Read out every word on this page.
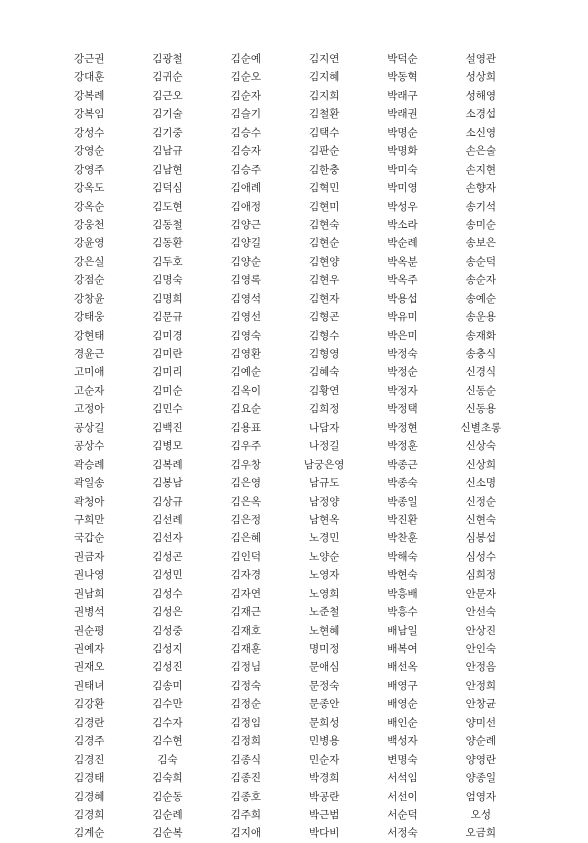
강근권	김광철	김순예	김지연	박덕순	설영관
강대훈	김귀순	김순오	김지혜	박동혁	성상희
강복례	김근오	김순자	김지희	박래구	성해영
강복임	김기술	김슬기	김철환	박래권	소경섭
강성수	김기중	김승수	김택수	박명순	소신영
강영순	김남규	김승자	김판순	박명화	손은술
강영주	김남현	김승주	김한충	박미숙	손지현
강옥도	김덕심	김애례	김혁민	박미영	손향자
강옥순	김도현	김애정	김현미	박성우	송기석
강웅천	김동철	김양근	김현숙	박소라	송미순
강윤영	김동환	김양길	김현순	박순례	송보은
강은실	김두호	김양순	김현양	박옥분	송순덕
강점순	김명숙	김영록	김현우	박옥주	송순자
강창윤	김명희	김영석	김현자	박용섭	송예순
강태웅	김문규	김영선	김형곤	박유미	송운용
강현태	김미경	김영숙	김형수	박은미	송재화
경윤근	김미란	김영환	김형영	박정숙	송충식
고미애	김미리	김예순	김혜숙	박정순	신경식
고순자	김미순	김옥이	김황연	박정자	신동순
고정아	김민수	김요순	김희정	박정택	신동용
공상길	김백진	김용표	나담자	박정현	신별초롱
공상수	김병모	김우주	나정길	박정훈	신상숙
곽승례	김복례	김우창	남궁은영	박종근	신상희
곽일송	김봉남	김은영	남규도	박종숙	신소명
곽청아	김상규	김은옥	남정양	박종일	신정순
구희만	김선례	김은정	남현옥	박진환	신현숙
국갑순	김선자	김은혜	노경민	박찬훈	심봉섭
권금자	김성곤	김인덕	노양순	박해숙	심성수
권나영	김성민	김자경	노영자	박현숙	심희정
권남희	김성수	김자연	노영희	박흥배	안문자
권병석	김성은	김재근	노준철	박흥수	안선숙
권순평	김성중	김재호	노현혜	배남일	안상진
권예자	김성지	김재훈	명미정	배복여	안인숙
권재오	김성진	김정님	문애심	배선옥	안정음
권태녀	김송미	김정숙	문정숙	배영구	안정희
김강환	김수만	김정순	문종안	배영순	안창균
김경란	김수자	김정임	문희성	배인순	양미선
김경주	김수현	김정희	민병용	백성자	양순례
김경진	김숙	김종식	민순자	변명숙	양영란
김경태	김숙희	김종진	박경희	서석임	양종일
김경혜	김순동	김종호	박공란	서선이	엄영자
김경희	김순례	김주희	박근범	서순덕	오성
김계순	김순복	김지애	박다비	서정숙	오금희
